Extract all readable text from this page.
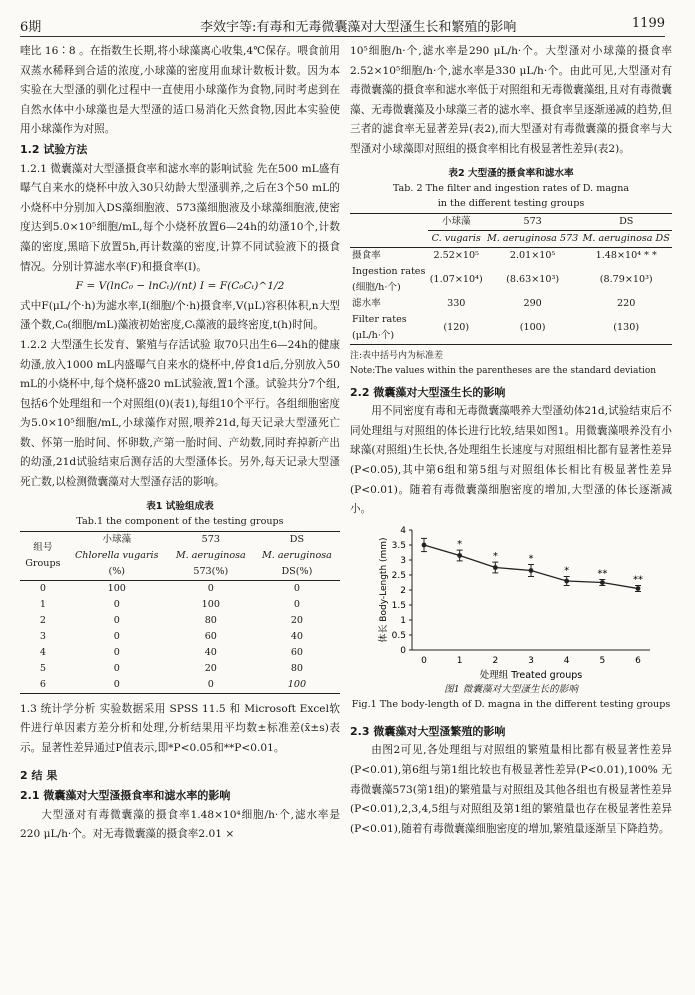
6期	李效宇等:有毒和无毒微囊藻对大型溞生长和繁殖的影响	1199

喹比 16∶8 。在指数生长期,将小球藻离心收集,4℃保存。喂食前用双蒸水稀释到合适的浓度,小球藻的密度用血球计数板计数。因为本实验在大型溞的驯化过程中一直使用小球藻作为食物,同时考虑到在自然水体中小球藻也是大型溞的适口易消化天然食物,因此本实验使用小球藻作为对照。

1.2 试验方法

1.2.1 微囊藻对大型溞摄食率和滤水率的影响试验 先在500 mL盛有曝气自来水的烧杯中放入30只幼龄大型溞驯养,之后在3个50 mL的小烧杯中分别加入DS藻细胞液、573藻细胞液及小球藻细胞液,使密度达到5.0×10⁵细胞/mL,每个小烧杯放置6—24h的幼溞10个,计数藻的密度,黑暗下放置5h,再计数藻的密度,计算不同试验液下的摄食情况。分别计算滤水率(F)和摄食率(I)。

F = V(lnC₀ − lnCₜ)/(nt) I = F(C₀Cₜ)^1/2

式中F(μL/个·h)为滤水率,I(细胞/个·h)摄食率,V(μL)容积体积,n大型溞个数,C₀(细胞/mL)藻液初始密度,Cₜ藻液的最终密度,t(h)时间。

1.2.2 大型溞生长发育、繁殖与存活试验 取70只出生6—24h的健康幼溞,放入1000 mL内盛曝气自来水的烧杯中,停食1d后,分别放入50 mL的小烧杯中,每个烧杯盛20 mL试验液,置1个溞。试验共分7个组,包括6个处理组和一个对照组(0)(表1),每组10个平行。各组细胞密度为5.0×10⁵细胞/mL,小球藻作对照,喂养21d,每天记录大型溞死亡数、怀第一胎时间、怀卵数,产第一胎时间、产幼数,同时弃掉新产出的幼溞,21d试验结束后测存活的大型溞体长。另外,每天记录大型溞死亡数,以检测微囊藻对大型溞存活的影响。

表1 试验组成表
Tab.1 the component of the testing groups
组号
Groups	小球藻	573	DS
	Chlorella vugaris	M. aeruginosa	M. aeruginosa
	(%)	573(%)	DS(%)
0	100	0	0
1	0	100	0
2	0	80	20
3	0	60	40
4	0	40	60
5	0	20	80
6	0	0	100

1.3 统计学分析 实验数据采用 SPSS 11.5 和 Microsoft Excel软件进行单因素方差分析和处理,分析结果用平均数±标准差(x̄±s)表示。显著性差异通过P值表示,即*P<0.05和**P<0.01。

2 结 果

2.1 微囊藻对大型溞摄食率和滤水率的影响

大型溞对有毒微囊藻的摄食率1.48×10⁴细胞/h·个,滤水率是220 μL/h·个。对无毒微囊藻的摄食率2.01 ×

10⁵细胞/h·个,滤水率是290 μL/h·个。大型溞对小球藻的摄食率2.52×10⁵细胞/h·个,滤水率是330 μL/h·个。由此可见,大型溞对有毒微囊藻的摄食率和滤水率低于对照组和无毒微囊藻组,且对有毒微囊藻、无毒微囊藻及小球藻三者的滤水率、摄食率呈逐渐递减的趋势,但三者的滤食率无显著差异(表2),而大型溞对有毒微囊藻的摄食率与大型溞对小球藻即对照组的摄食率相比有极显著性差异(表2)。

表2 大型溞的摄食率和滤水率
Tab. 2 The filter and ingestion rates of D. magna
in the different testing groups
	小球藻	573	DS
	C. vugaris	M. aeruginosa 573	M. aeruginosa DS
摄食率	2.52×10⁵	2.01×10⁵	1.48×10⁴ * *
Ingestion rates
(细胞/h·个)	(1.07×10⁴)	(8.63×10³)	(8.79×10³)
滤水率	330	290	220
Filter rates
(μL/h·个)	(120)	(100)	(130)
注:表中括号内为标准差
Note:The values within the parentheses are the standard deviation

2.2 微囊藻对大型溞生长的影响

用不同密度有毒和无毒微囊藻喂养大型溞幼体21d,试验结束后不同处理组与对照组的体长进行比较,结果如图1。用微囊藻喂养没有小球藻(对照组)生长快,各处理组生长速度与对照组相比都有显著性差异(P<0.05),其中第6组和第5组与对照组体长相比有极显著性差异(P<0.01)。随着有毒微囊藻细胞密度的增加,大型溞的体长逐渐减小。

0
0.5
1
1.5
2
2.5
3
3.5
4
0	1	2	3	4	5	6
体长 Body-Length (mm)
处理组 Treated groups
*
*	*
*	**
**
图1 微囊藻对大型溞生长的影响
Fig.1 The body-length of D. magna in the different testing groups

2.3 微囊藻对大型溞繁殖的影响

由图2可见,各处理组与对照组的繁殖量相比都有极显著性差异(P<0.01),第6组与第1组比较也有极显著性差异(P<0.01),100% 无毒微囊藻573(第1组)的繁殖量与对照组及其他各组也有极显著性差异(P<0.01),2,3,4,5组与对照组及第1组的繁殖量也存在极显著性差异(P<0.01),随着有毒微囊藻细胞密度的增加,繁殖量逐渐呈下降趋势。
